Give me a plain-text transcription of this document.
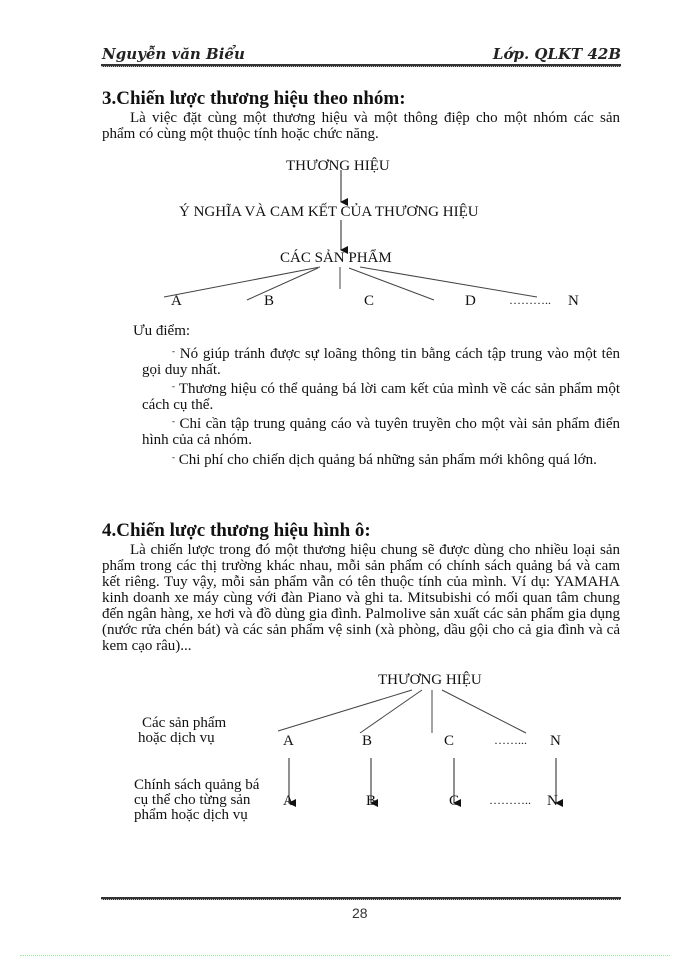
Nguyễn văn Biểu	Lớp. QLKT 42B
3.Chiến lược thương hiệu theo nhóm:
Là việc đặt cùng một thương hiệu và một thông điệp cho một nhóm các sản phẩm có cùng một thuộc tính hoặc chức năng.
THƯƠNG HIỆU
Ý NGHĨA VÀ CAM KẾT CỦA THƯƠNG HIỆU
CÁC SẢN PHẨM
A	B	C	D	……….. N
Ưu điểm:
- Nó giúp tránh được sự loãng thông tin bằng cách tập trung vào một tên gọi duy nhất.
- Thương hiệu có thể quảng bá lời cam kết của mình về các sản phẩm một cách cụ thể.
- Chỉ cần tập trung quảng cáo và tuyên truyền cho một vài sản phẩm điển hình của cả nhóm.
- Chi phí cho chiến dịch quảng bá những sản phẩm mới không quá lớn.
4.Chiến lược thương hiệu hình ô:
Là chiến lược trong đó một thương hiệu chung sẽ được dùng cho nhiều loại sản phẩm trong các thị trường khác nhau, mỗi sản phẩm có chính sách quảng bá và cam kết riêng. Tuy vậy, mỗi sản phẩm vẫn có tên thuộc tính của mình. Ví dụ: YAMAHA kinh doanh xe máy cùng với đàn Piano và ghi ta. Mitsubishi có mối quan tâm chung đến ngân hàng, xe hơi và đồ dùng gia đình. Palmolive sản xuất các sản phẩm gia dụng (nước rửa chén bát) và các sản phẩm vệ sinh (xà phòng, dầu gội cho cả gia đình và cả kem cạo râu)...
THƯƠNG HIỆU
Các sản phẩm
hoặc dịch vụ	A	B	C	……... N
Chính sách quảng bá
cụ thể cho từng sản
phẩm hoặc dịch vụ
A	B	C ……….. N
28
